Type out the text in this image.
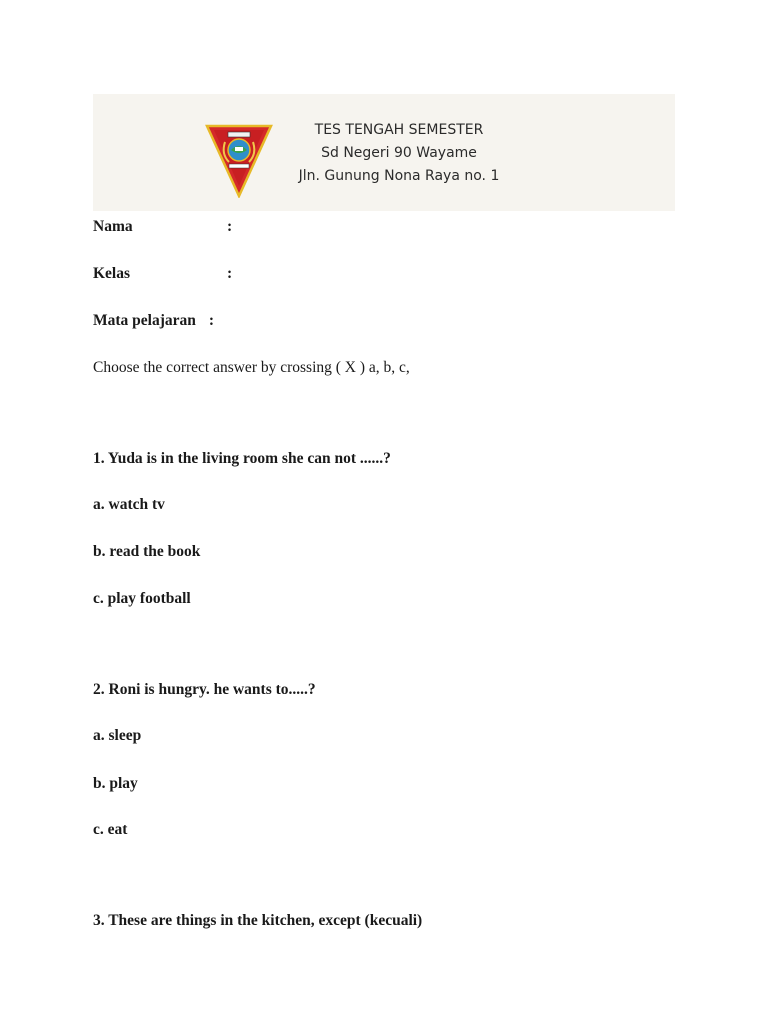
TES TENGAH SEMESTER
Sd Negeri 90 Wayame
Jln. Gunung Nona Raya no. 1
Nama	:
Kelas	:
Mata pelajaran :
Choose the correct answer by crossing ( X ) a, b, c,
1. Yuda is in the living room she can not ......?
a. watch tv
b. read the book
c. play football
2. Roni is hungry. he wants to.....?
a. sleep
b. play
c. eat
3. These are things in the kitchen, except (kecuali)
